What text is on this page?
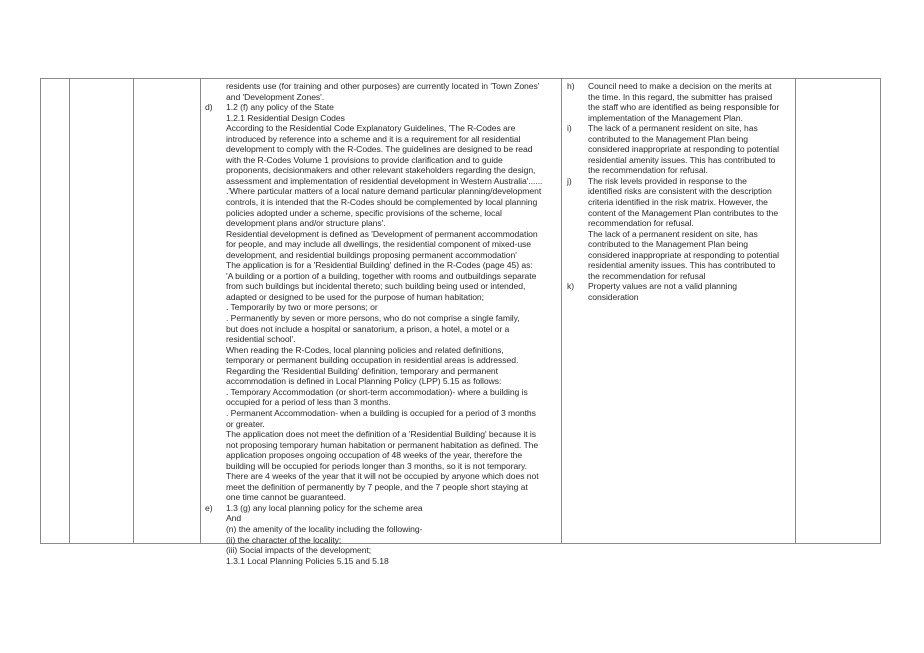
residents use (for training and other purposes) are currently located in 'Town Zones'
and 'Development Zones'.
d)	1.2 (f) any policy of the State
1.2.1 Residential Design Codes
According to the Residential Code Explanatory Guidelines, 'The R-Codes are
introduced by reference into a scheme and it is a requirement for all residential
development to comply with the R-Codes. The guidelines are designed to be read
with the R-Codes Volume 1 provisions to provide clarification and to guide
proponents, decisionmakers and other relevant stakeholders regarding the design,
assessment and implementation of residential development in Western Australia'......
.'Where particular matters of a local nature demand particular planning/development
controls, it is intended that the R-Codes should be complemented by local planning
policies adopted under a scheme, specific provisions of the scheme, local
development plans and/or structure plans'.
Residential development is defined as 'Development of permanent accommodation
for people, and may include all dwellings, the residential component of mixed-use
development, and residential buildings proposing permanent accommodation'
The application is for a 'Residential Building' defined in the R-Codes (page 45) as:
'A building or a portion of a building, together with rooms and outbuildings separate
from such buildings but incidental thereto; such building being used or intended,
adapted or designed to be used for the purpose of human habitation;
. Temporarily by two or more persons; or
. Permanently by seven or more persons, who do not comprise a single family,
but does not include a hospital or sanatorium, a prison, a hotel, a motel or a
residential school'.
When reading the R-Codes, local planning policies and related definitions,
temporary or permanent building occupation in residential areas is addressed.
Regarding the 'Residential Building' definition, temporary and permanent
accommodation is defined in Local Planning Policy (LPP) 5.15 as follows:
. Temporary Accommodation (or short-term accommodation)- where a building is
occupied for a period of less than 3 months.
. Permanent Accommodation- when a building is occupied for a period of 3 months
or greater.
The application does not meet the definition of a 'Residential Building' because it is
not proposing temporary human habitation or permanent habitation as defined. The
application proposes ongoing occupation of 48 weeks of the year, therefore the
building will be occupied for periods longer than 3 months, so it is not temporary.
There are 4 weeks of the year that it will not be occupied by anyone which does not
meet the definition of permanently by 7 people, and the 7 people short staying at
one time cannot be guaranteed.
e)	1.3 (g) any local planning policy for the scheme area
And
(n) the amenity of the locality including the following-
(ii) the character of the locality;
(iii) Social impacts of the development;
1.3.1 Local Planning Policies 5.15 and 5.18
h)	Council need to make a decision on the merits at
the time. In this regard, the submitter has praised
the staff who are identified as being responsible for
implementation of the Management Plan.
i)	The lack of a permanent resident on site, has
contributed to the Management Plan being
considered inappropriate at responding to potential
residential amenity issues. This has contributed to
the recommendation for refusal.
j)	The risk levels provided in response to the
identified risks are consistent with the description
criteria identified in the risk matrix. However, the
content of the Management Plan contributes to the
recommendation for refusal.
The lack of a permanent resident on site, has
contributed to the Management Plan being
considered inappropriate at responding to potential
residential amenity issues. This has contributed to
the recommendation for refusal
k)	Property values are not a valid planning
consideration
